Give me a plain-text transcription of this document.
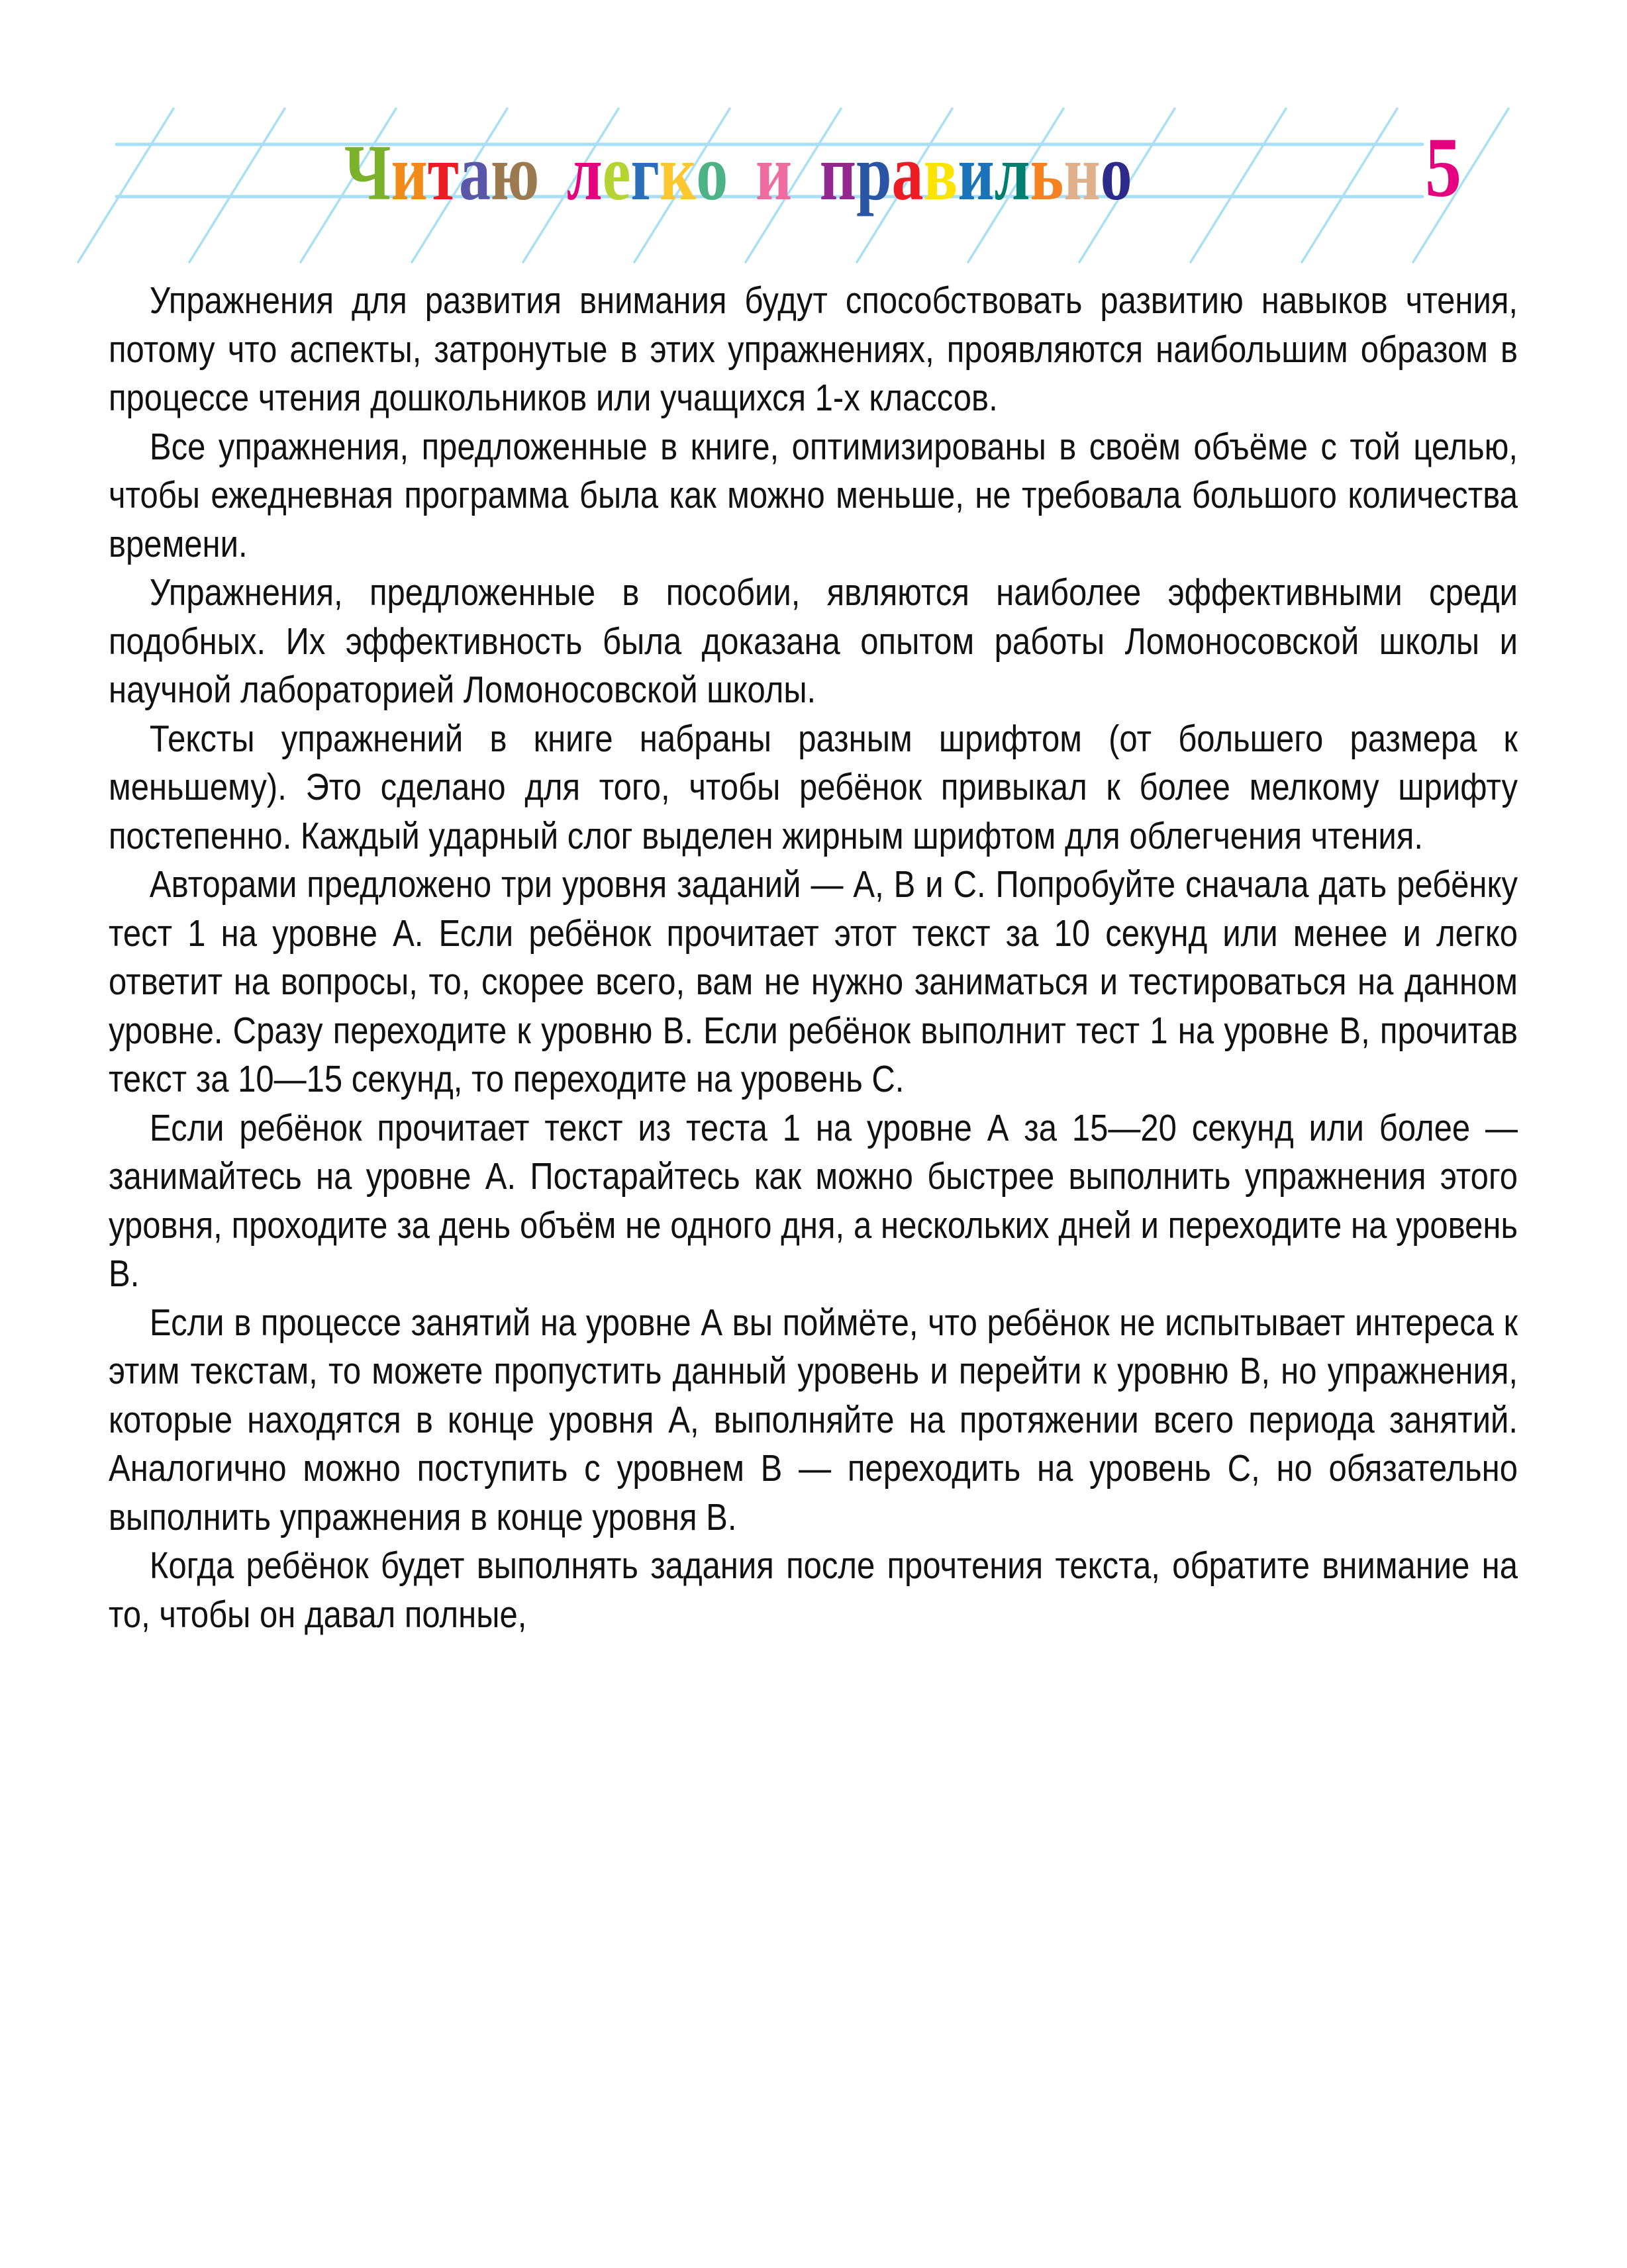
Читаю легко и правильно	5

Упражнения для развития внимания будут способствовать развитию навыков чтения, потому что аспекты, затронутые в этих упражнениях, проявляются наибольшим образом в процессе чтения дошкольников или учащихся 1-х классов.

Все упражнения, предложенные в книге, оптимизированы в своём объёме с той целью, чтобы ежедневная программа была как можно меньше, не требовала большого количества времени.

Упражнения, предложенные в пособии, являются наиболее эффективными среди подобных. Их эффективность была доказана опытом работы Ломоносовской школы и научной лабораторией Ломоносовской школы.

Тексты упражнений в книге набраны разным шрифтом (от большего размера к меньшему). Это сделано для того, чтобы ребёнок привыкал к более мелкому шрифту постепенно. Каждый ударный слог выделен жирным шрифтом для облегчения чтения.

Авторами предложено три уровня заданий — А, В и С. Попробуйте сначала дать ребёнку тест 1 на уровне А. Если ребёнок прочитает этот текст за 10 секунд или менее и легко ответит на вопросы, то, скорее всего, вам не нужно заниматься и тестироваться на данном уровне. Сразу переходите к уровню В. Если ребёнок выполнит тест 1 на уровне В, прочитав текст за 10—15 секунд, то переходите на уровень С.

Если ребёнок прочитает текст из теста 1 на уровне А за 15—20 секунд или более — занимайтесь на уровне А. Постарайтесь как можно быстрее выполнить упражнения этого уровня, проходите за день объём не одного дня, а нескольких дней и переходите на уровень В.

Если в процессе занятий на уровне А вы поймёте, что ребёнок не испытывает интереса к этим текстам, то можете пропустить данный уровень и перейти к уровню В, но упражнения, которые находятся в конце уровня А, выполняйте на протяжении всего периода занятий. Аналогично можно поступить с уровнем В — переходить на уровень С, но обязательно выполнить упражнения в конце уровня В.

Когда ребёнок будет выполнять задания после прочтения текста, обратите внимание на то, чтобы он давал полные,
